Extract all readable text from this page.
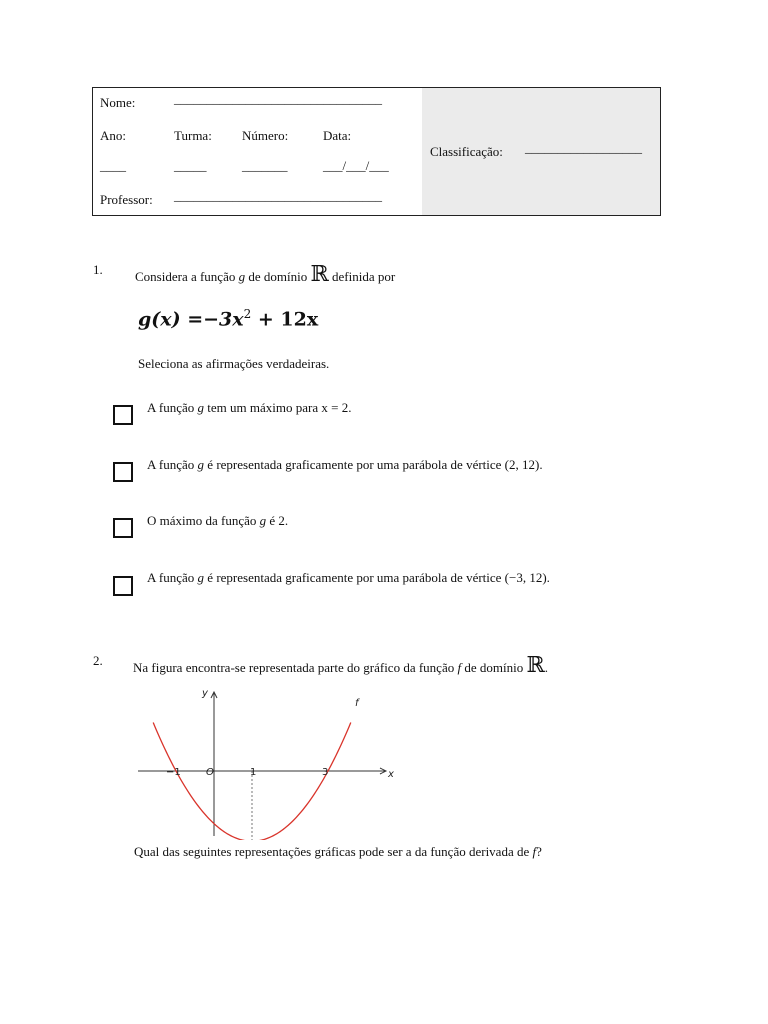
Nome:	________________________________
Ano:	Turma: Número:	Data:
____	_____	_______	___/___/___
Professor: ________________________________
Classificação: __________________
1. Considera a função g de domínio ℝ definida por
$g(x) =-3x^2 + 12x$
Seleciona as afirmações verdadeiras.
A função g tem um máximo para x = 2.
A função g é representada graficamente por uma parábola de vértice (2, 12).
O máximo da função g é 2.
A função g é representada graficamente por uma parábola de vértice (−3, 12).
2. Na figura encontra-se representada parte do gráfico da função f de domínio ℝ.
x
y
−1	O	1	3
f
Qual das seguintes representações gráficas pode ser a da função derivada de f?
